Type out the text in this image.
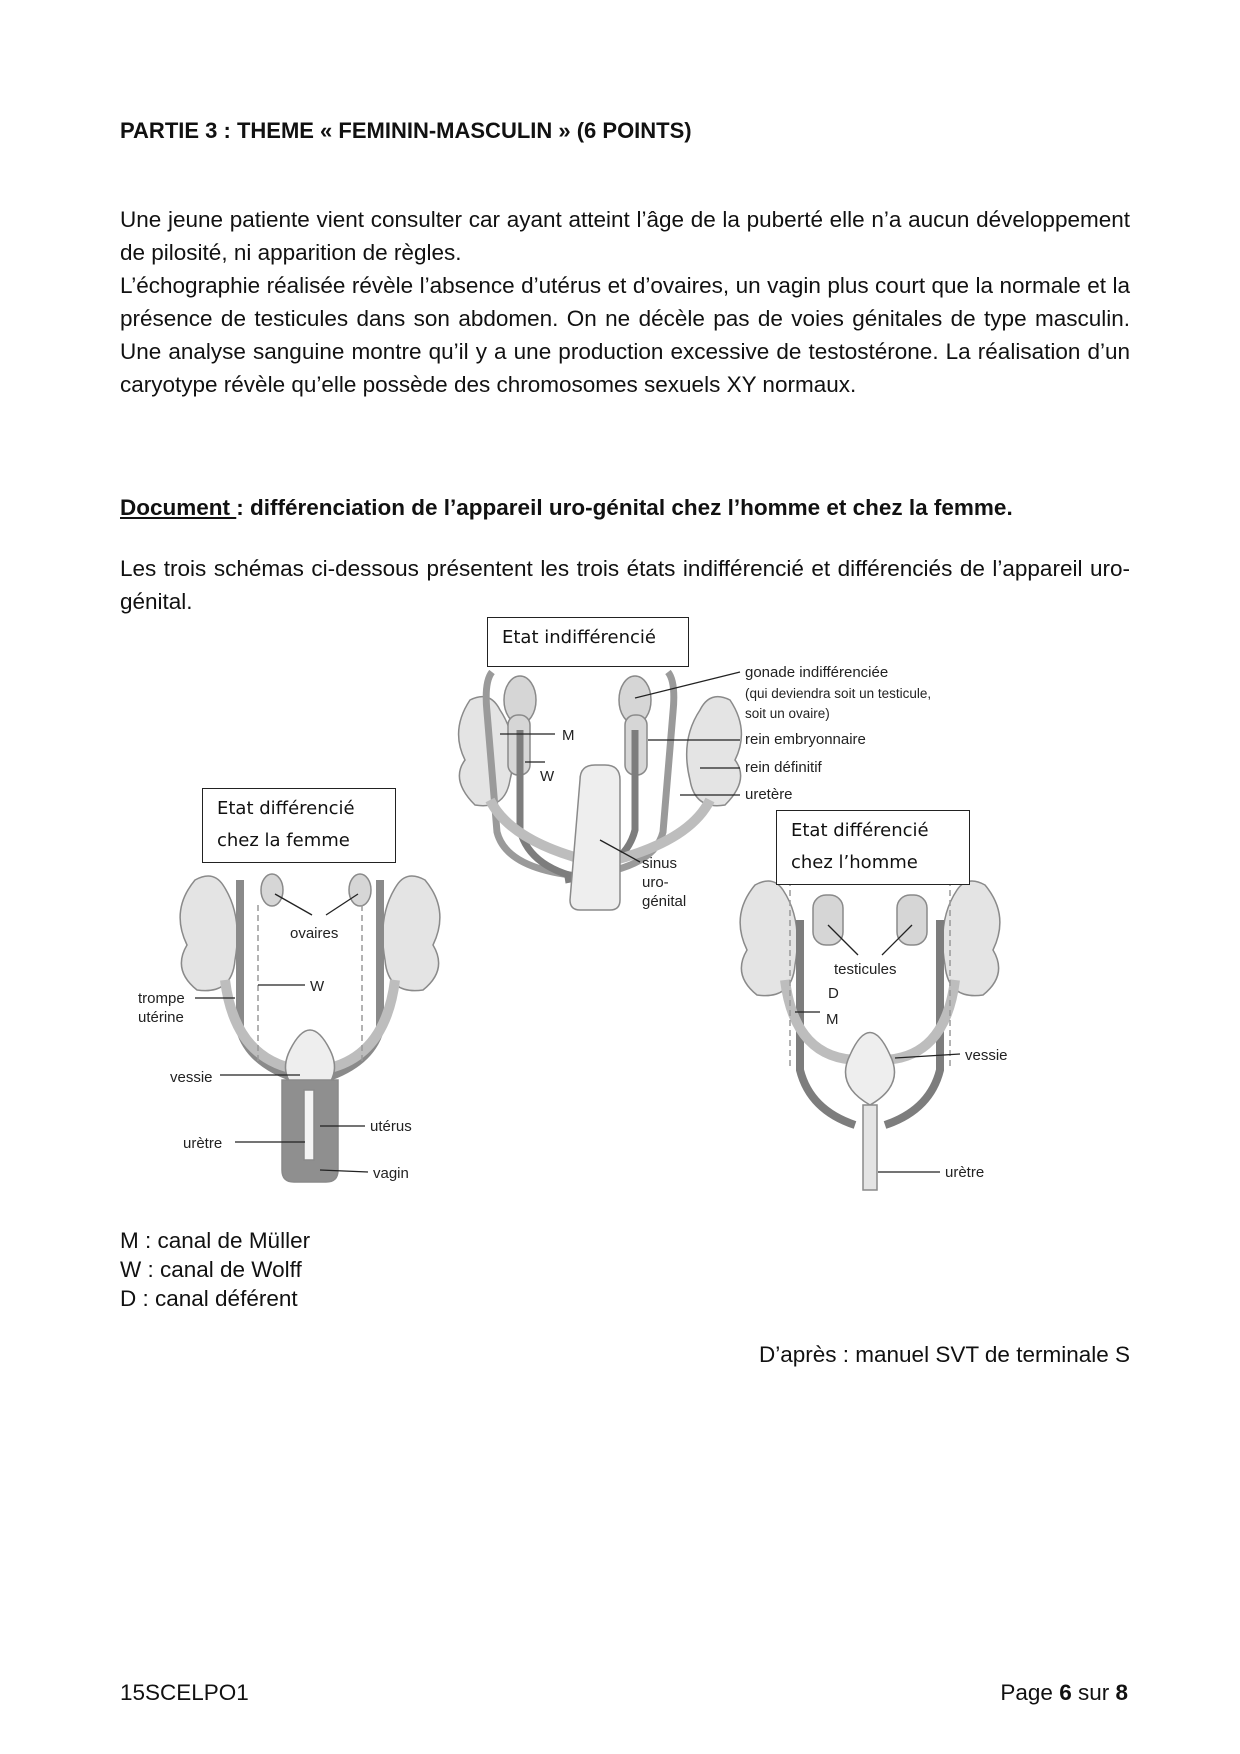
PARTIE 3 : THEME « FEMININ-MASCULIN » (6 POINTS)
Une jeune patiente vient consulter car ayant atteint l’âge de la puberté elle n’a aucun développement de pilosité, ni apparition de règles.
L’échographie réalisée révèle l’absence d’utérus et d’ovaires, un vagin plus court que la normale et la présence de testicules dans son abdomen. On ne décèle pas de voies génitales de type masculin. Une analyse sanguine montre qu’il y a une production excessive de testostérone. La réalisation d’un caryotype révèle qu’elle possède des chromosomes sexuels XY normaux.
Document : différenciation de l’appareil uro-génital chez l’homme et chez la femme.
Les trois schémas ci-dessous présentent les trois états indifférencié et différenciés de l’appareil uro-génital.
gonade indifférenciée
(qui deviendra soit un testicule,
soit un ovaire)
rein embryonnaire
rein définitif
uretère
sinus
uro-
génital
M
W
ovaires
W
trompe
utérine
vessie
utérus
urètre
vagin
testicules
D
M
vessie
urètre
Etat indifférencié
Etat différencié
chez la femme	Etat différencié
chez l’homme
M : canal de Müller
W : canal de Wolff
D : canal déférent
D’après : manuel SVT de terminale S
15SCELPO1	Page 6 sur 8
